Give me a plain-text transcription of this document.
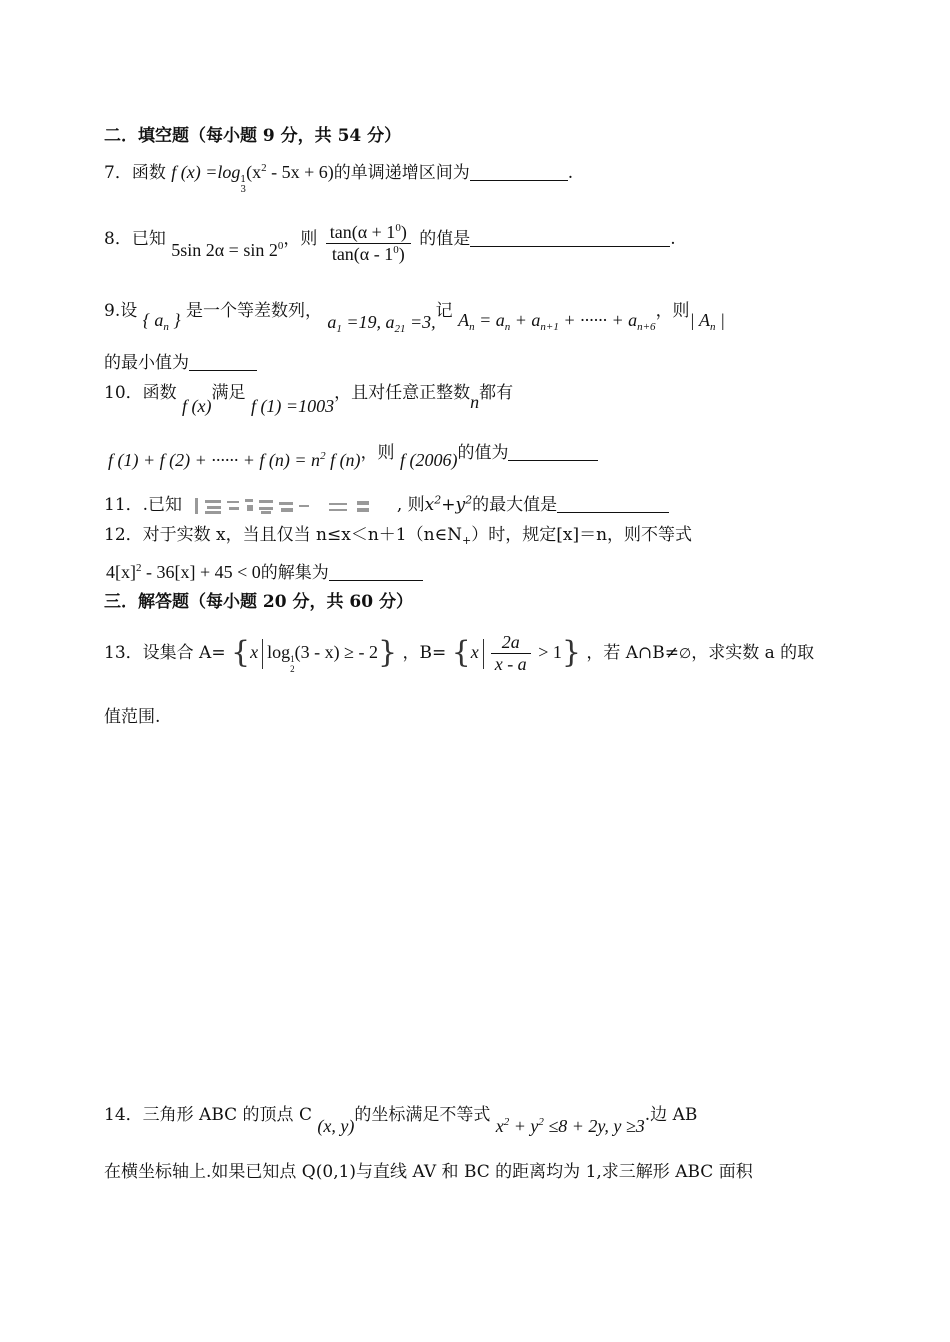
二．填空题（每小题 9 分，共 54 分）
7．函数 f (x) =log1
$3(x^2 - 5x + 6)$的单调递增区间为	.
8．已知 5sin $2\alpha = \sin 2^0$，则 $\frac{\tan(\alpha + 1^0)}{\tan(\alpha - 1^0)}$ 的值是	.
9.设 { $a_n$ } 是一个等差数列， $a_1 =19$, $a_{21} =3$,记 $A_n = a_n + a_{n+1}$ + ······ + $a_{n+6}$，则| $A_n$ |
的最小值为
10．函数 f (x)满足 f (1) =1003，且对任意正整数n都有
f (1) + f (2) + ······ + f $(n) = n^2$ f (n)，则 f (2006)的值为
11．.已知	, 则$x^2+y^2$的最大值是
12．对于实数 x，当且仅当 $n\le x<n+1(n\in N_+)$时，规定[x]＝n，则不等式
$4[x]^2 - 36[x] + 45 < 0$的解集为
三．解答题（每小题 20 分，共 60 分）
13．设集合 A= {x log1
2(3 - x) ≥ - 2} ，$B= \{x \frac{2a}{x - a} > 1\}$ ，若 A∩B≠∅，求实数 a 的取
值范围.
14．三角形 ABC 的顶点 C (x, y)的坐标满足不等式 $x^2 + y^2 \le 8 + 2y$, y ≥3.边 AB
在横坐标轴上.如果已知点 Q(0,1)与直线 AV 和 BC 的距离均为 1,求三解形 ABC 面积
